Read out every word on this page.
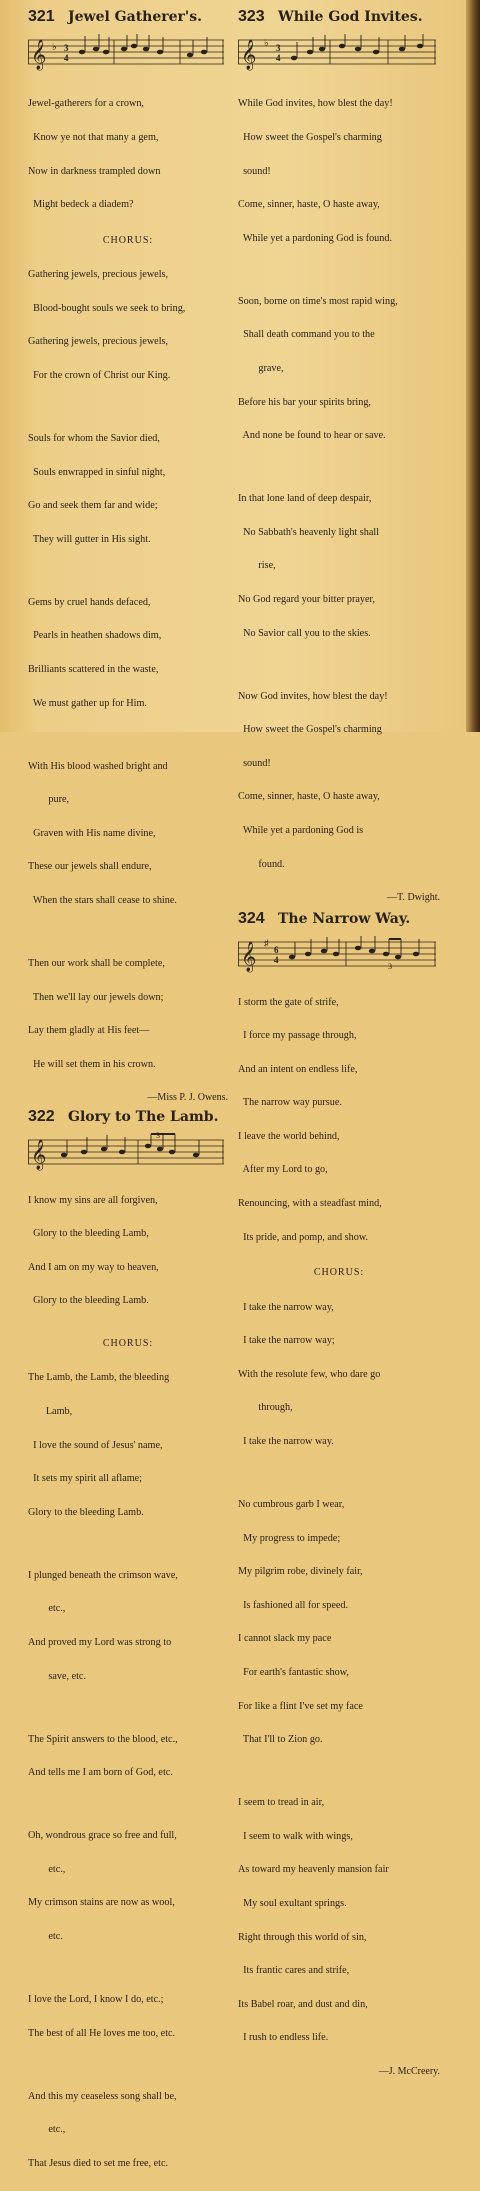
321 Jewel Gatherer's.
𝄞 ♭ 3
4

Jewel-gatherers for a crown,

Know ye not that many a gem,

Now in darkness trampled down

Might bedeck a diadem?

CHORUS:

Gathering jewels, precious jewels,

Blood-bought souls we seek to bring,

Gathering jewels, precious jewels,

For the crown of Christ our King.

Souls for whom the Savior died,

Souls enwrapped in sinful night,

Go and seek them far and wide;

They will gutter in His sight.

Gems by cruel hands defaced,

Pearls in heathen shadows dim,

Brilliants scattered in the waste,

We must gather up for Him.

With His blood washed bright and

pure,

Graven with His name divine,

These our jewels shall endure,

When the stars shall cease to shine.

Then our work shall be complete,

Then we'll lay our jewels down;

Lay them gladly at His feet—

He will set them in his crown.

—Miss P. J. Owens.
322 Glory to The Lamb.
𝄞
3

I know my sins are all forgiven,

Glory to the bleeding Lamb,

And I am on my way to heaven,

Glory to the bleeding Lamb.

CHORUS:

The Lamb, the Lamb, the bleeding

Lamb,

I love the sound of Jesus' name,

It sets my spirit all aflame;

Glory to the bleeding Lamb.

I plunged beneath the crimson wave,

etc.,

And proved my Lord was strong to

save, etc.

The Spirit answers to the blood, etc.,

And tells me I am born of God, etc.

Oh, wondrous grace so free and full,

etc.,

My crimson stains are now as wool,

etc.

I love the Lord, I know I do, etc.;

The best of all He loves me too, etc.

And this my ceaseless song shall be,

etc.,

That Jesus died to set me free, etc.

323 While God Invites.
𝄞 ♭ 3
4

While God invites, how blest the day!

How sweet the Gospel's charming

sound!

Come, sinner, haste, O haste away,

While yet a pardoning God is found.

Soon, borne on time's most rapid wing,

Shall death command you to the

grave,

Before his bar your spirits bring,

And none be found to hear or save.

In that lone land of deep despair,

No Sabbath's heavenly light shall

rise,

No God regard your bitter prayer,

No Savior call you to the skies.

Now God invites, how blest the day!

How sweet the Gospel's charming

sound!

Come, sinner, haste, O haste away,

While yet a pardoning God is

found.

—T. Dwight.
324 The Narrow Way.
𝄞 ♯
6
4
3

I storm the gate of strife,

I force my passage through,

And an intent on endless life,

The narrow way pursue.

I leave the world behind,

After my Lord to go,

Renouncing, with a steadfast mind,

Its pride, and pomp, and show.

CHORUS:

I take the narrow way,

I take the narrow way;

With the resolute few, who dare go

through,

I take the narrow way.

No cumbrous garb I wear,

My progress to impede;

My pilgrim robe, divinely fair,

Is fashioned all for speed.

I cannot slack my pace

For earth's fantastic show,

For like a flint I've set my face

That I'll to Zion go.

I seem to tread in air,

I seem to walk with wings,

As toward my heavenly mansion fair

My soul exultant springs.

Right through this world of sin,

Its frantic cares and strife,

Its Babel roar, and dust and din,

I rush to endless life.

—J. McCreery.
